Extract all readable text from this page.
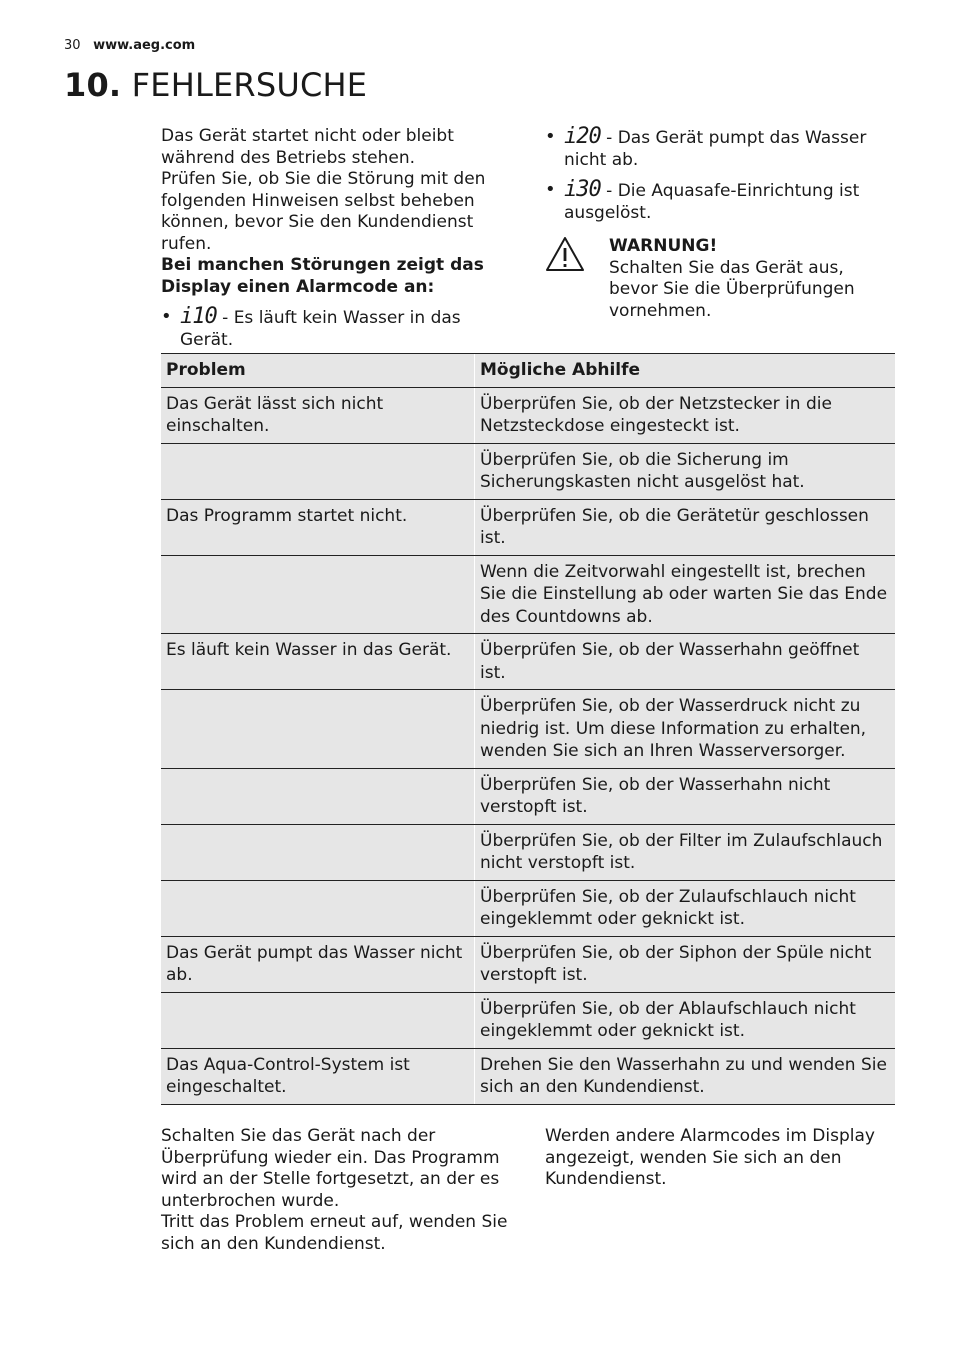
30 www.aeg.com
10. FEHLERSUCHE

Das Gerät startet nicht oder bleibt während des Betriebs stehen.

Prüfen Sie, ob Sie die Störung mit den folgenden Hinweisen selbst beheben können, bevor Sie den Kundendienst rufen.

Bei manchen Störungen zeigt das Display einen Alarmcode an:

• i10 - Es läuft kein Wasser in das Gerät.

• i20 - Das Gerät pumpt das Wasser nicht ab.

• i30 - Die Aquasafe-Einrichtung ist ausgelöst.

WARNUNG!
Schalten Sie das Gerät aus, bevor Sie die Überprüfungen vornehmen.

Problem	Mögliche Abhilfe
Das Gerät lässt sich nicht einschalten.	Überprüfen Sie, ob der Netzstecker in die Netzsteckdose eingesteckt ist.
	Überprüfen Sie, ob die Sicherung im Sicherungskasten nicht ausgelöst hat.
Das Programm startet nicht.	Überprüfen Sie, ob die Gerätetür geschlossen ist.
	Wenn die Zeitvorwahl eingestellt ist, brechen Sie die Einstellung ab oder warten Sie das Ende des Countdowns ab.
Es läuft kein Wasser in das Gerät.	Überprüfen Sie, ob der Wasserhahn geöffnet ist.
	Überprüfen Sie, ob der Wasserdruck nicht zu niedrig ist. Um diese Information zu erhalten, wenden Sie sich an Ihren Wasserversorger.
	Überprüfen Sie, ob der Wasserhahn nicht verstopft ist.
	Überprüfen Sie, ob der Filter im Zulaufschlauch nicht verstopft ist.
	Überprüfen Sie, ob der Zulaufschlauch nicht eingeklemmt oder geknickt ist.
Das Gerät pumpt das Wasser nicht ab.	Überprüfen Sie, ob der Siphon der Spüle nicht verstopft ist.
	Überprüfen Sie, ob der Ablaufschlauch nicht eingeklemmt oder geknickt ist.
Das Aqua-Control-System ist eingeschaltet.	Drehen Sie den Wasserhahn zu und wenden Sie sich an den Kundendienst.

Schalten Sie das Gerät nach der Überprüfung wieder ein. Das Programm wird an der Stelle fortgesetzt, an der es unterbrochen wurde.

Tritt das Problem erneut auf, wenden Sie sich an den Kundendienst.

Werden andere Alarmcodes im Display angezeigt, wenden Sie sich an den Kundendienst.
